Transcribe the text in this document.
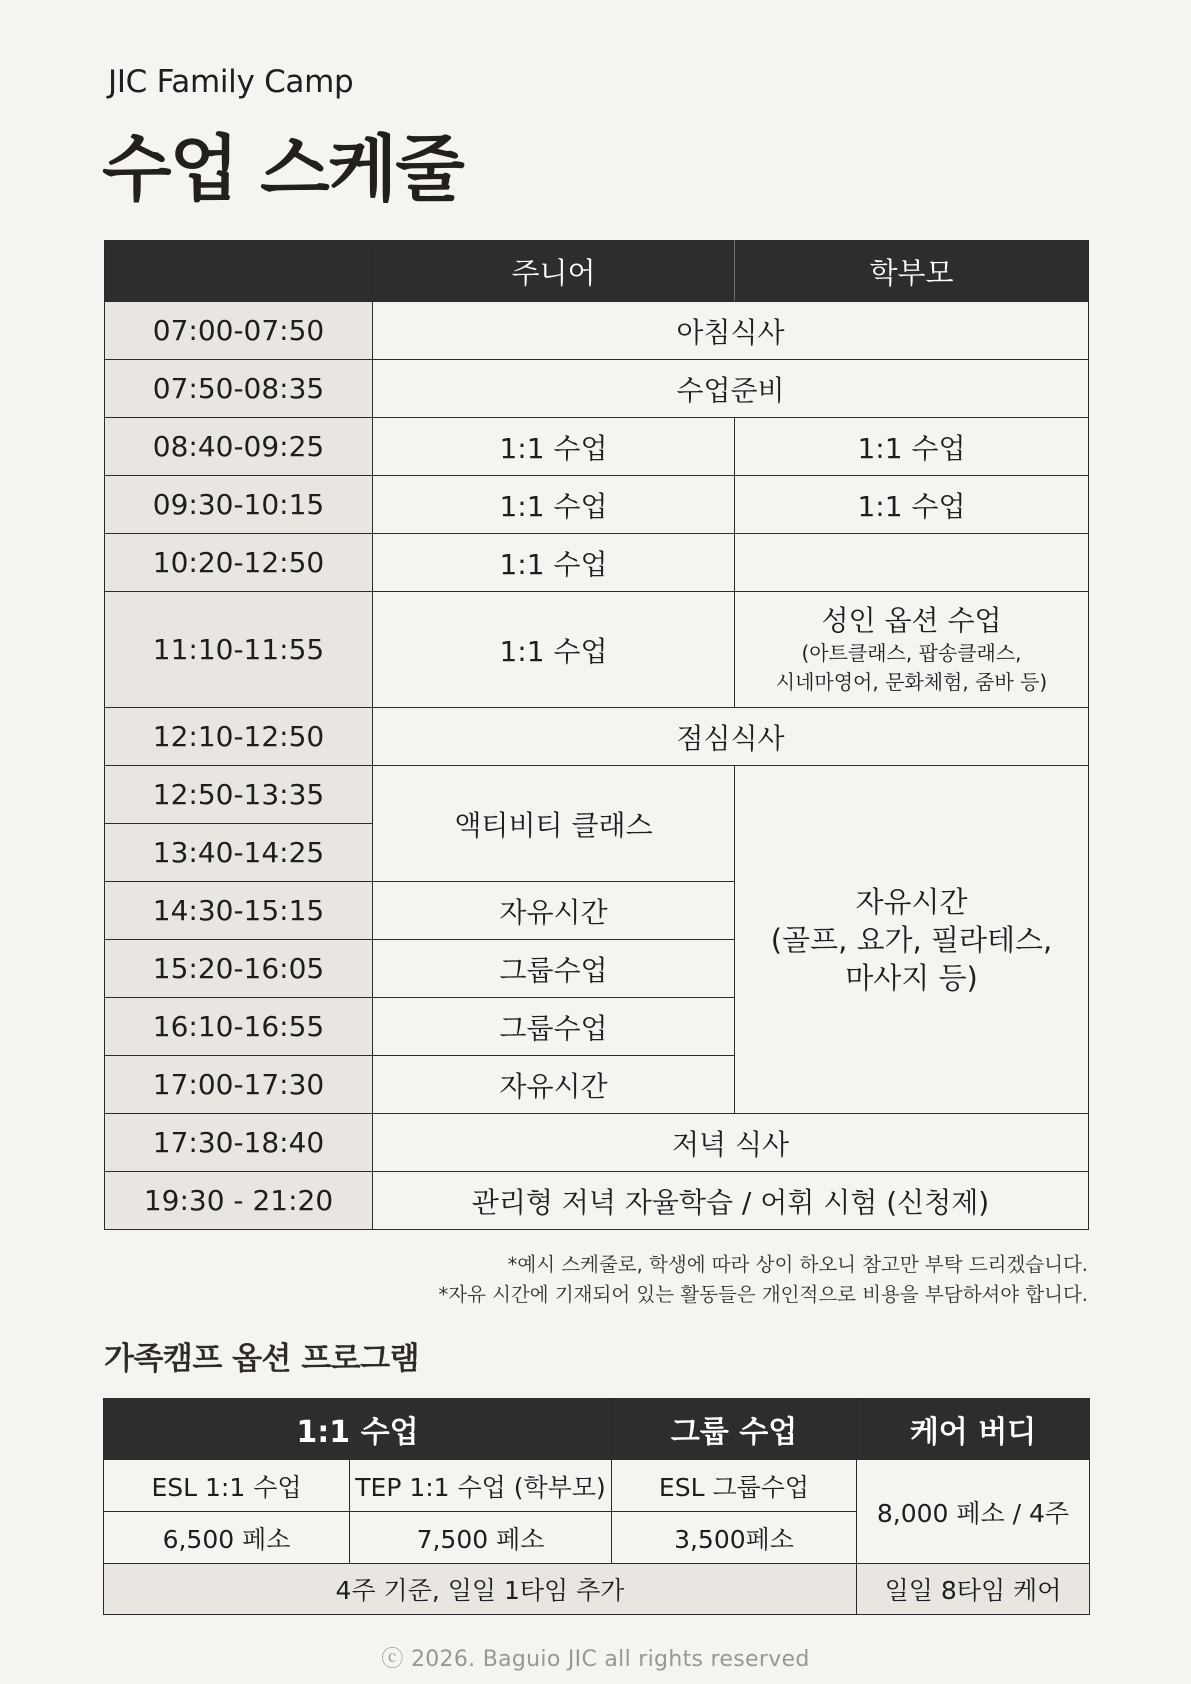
JIC Family Camp
수업 스케줄
	주니어	학부모
07:00-07:50	아침식사	
07:50-08:35	수업준비	
08:40-09:25	1:1 수업	1:1 수업
09:30-10:15	1:1 수업	1:1 수업
10:20-12:50	1:1 수업	
11:10-11:55	1:1 수업	성인 옵션 수업
(아트클래스, 팝송클래스,
시네마영어, 문화체험, 줌바 등)

12:10-12:50	점심식사	
12:50-13:35	액티비티 클래스	자유시간
(골프, 요가, 필라테스,
마사지 등)

13:40-14:25		
14:30-15:15	자유시간	
15:20-16:05	그룹수업	
16:10-16:55	그룹수업	
17:00-17:30	자유시간	
17:30-18:40	저녁 식사	
19:30 - 21:20	관리형 저녁 자율학습 / 어휘 시험 (신청제)	
*예시 스케줄로, 학생에 따라 상이 하오니 참고만 부탁 드리겠습니다.
*자유 시간에 기재되어 있는 활동들은 개인적으로 비용을 부담하셔야 합니다.
가족캠프 옵션 프로그램
1:1 수업		그룹 수업	케어 버디
ESL 1:1 수업	TEP 1:1 수업 (학부모)	ESL 그룹수업	8,000 페소 / 4주
6,500 페소	7,500 페소	3,500페소	
4주 기준, 일일 1타임 추가			일일 8타임 케어
ⓒ 2026. Baguio JIC all rights reserved
